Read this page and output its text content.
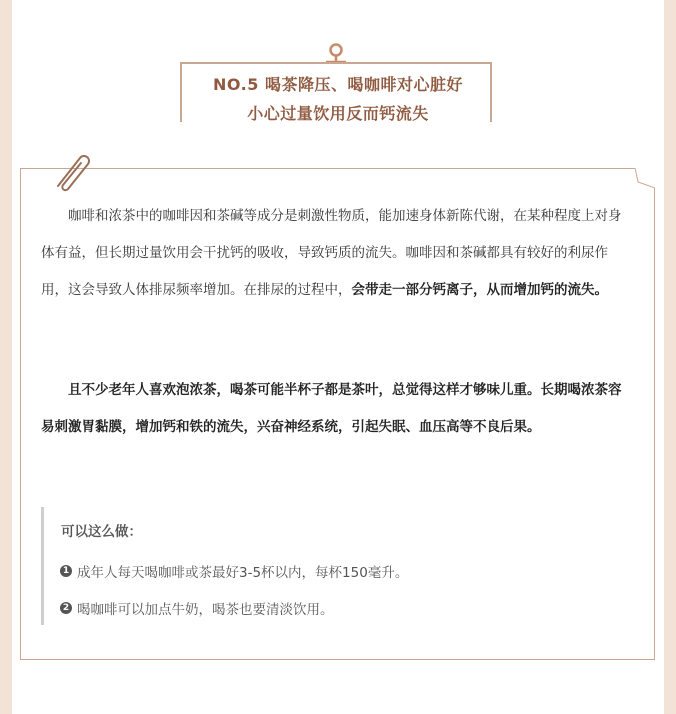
NO.5 喝茶降压、喝咖啡对心脏好
小心过量饮用反而钙流失

咖啡和浓茶中的咖啡因和茶碱等成分是刺激性物质，能加速身体新陈代谢，在某种程度上对身体有益，但长期过量饮用会干扰钙的吸收，导致钙质的流失。咖啡因和茶碱都具有较好的利尿作用，这会导致人体排尿频率增加。在排尿的过程中，会带走一部分钙离子，从而增加钙的流失。

且不少老年人喜欢泡浓茶，喝茶可能半杯子都是茶叶，总觉得这样才够味儿重。长期喝浓茶容易刺激胃黏膜，增加钙和铁的流失，兴奋神经系统，引起失眠、血压高等不良后果。

可以这么做：
1 成年人每天喝咖啡或茶最好3-5杯以内，每杯150毫升。
2 喝咖啡可以加点牛奶，喝茶也要清淡饮用。
